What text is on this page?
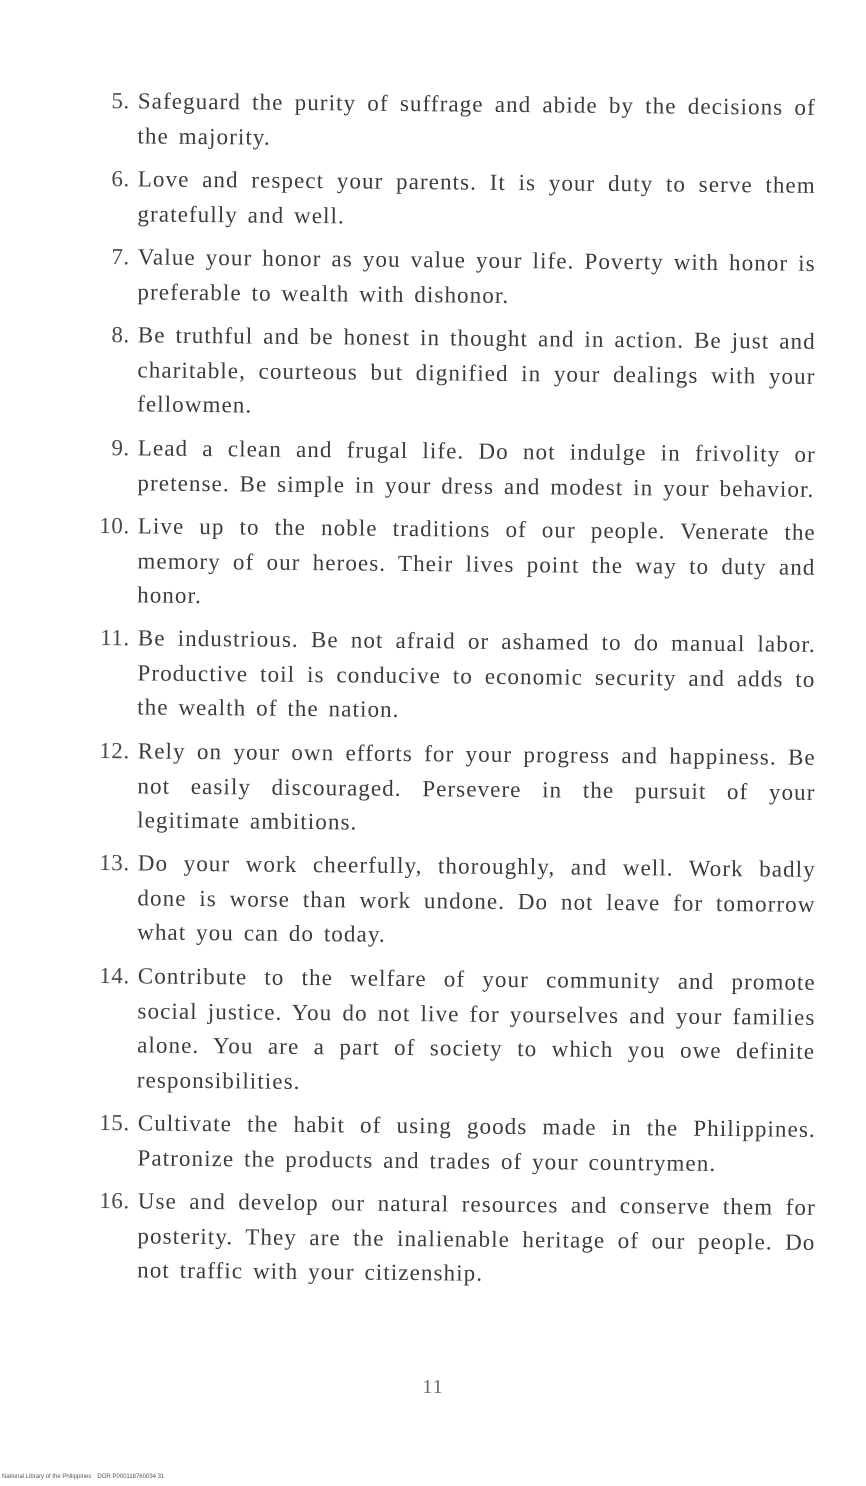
5. Safeguard the purity of suffrage and abide by the decisions of the majority.
6. Love and respect your parents. It is your duty to serve them gratefully and well.
7. Value your honor as you value your life. Poverty with honor is preferable to wealth with dishonor.
8. Be truthful and be honest in thought and in action. Be just and charitable, courteous but dignified in your dealings with your fellowmen.
9. Lead a clean and frugal life. Do not indulge in frivolity or pretense. Be simple in your dress and modest in your behavior.
10. Live up to the noble traditions of our people. Venerate the memory of our heroes. Their lives point the way to duty and honor.
11. Be industrious. Be not afraid or ashamed to do manual labor. Productive toil is conducive to economic security and adds to the wealth of the nation.
12. Rely on your own efforts for your progress and happiness. Be not easily discouraged. Persevere in the pursuit of your legitimate ambitions.
13. Do your work cheerfully, thoroughly, and well. Work badly done is worse than work undone. Do not leave for tomorrow what you can do today.
14. Contribute to the welfare of your community and promote social justice. You do not live for yourselves and your families alone. You are a part of society to which you owe definite responsibilities.
15. Cultivate the habit of using goods made in the Philippines. Patronize the products and trades of your countrymen.
16. Use and develop our natural resources and conserve them for posterity. They are the inalienable heritage of our people. Do not traffic with your citizenship.
11
National Library of the Philippines DOR P000118760034 31
